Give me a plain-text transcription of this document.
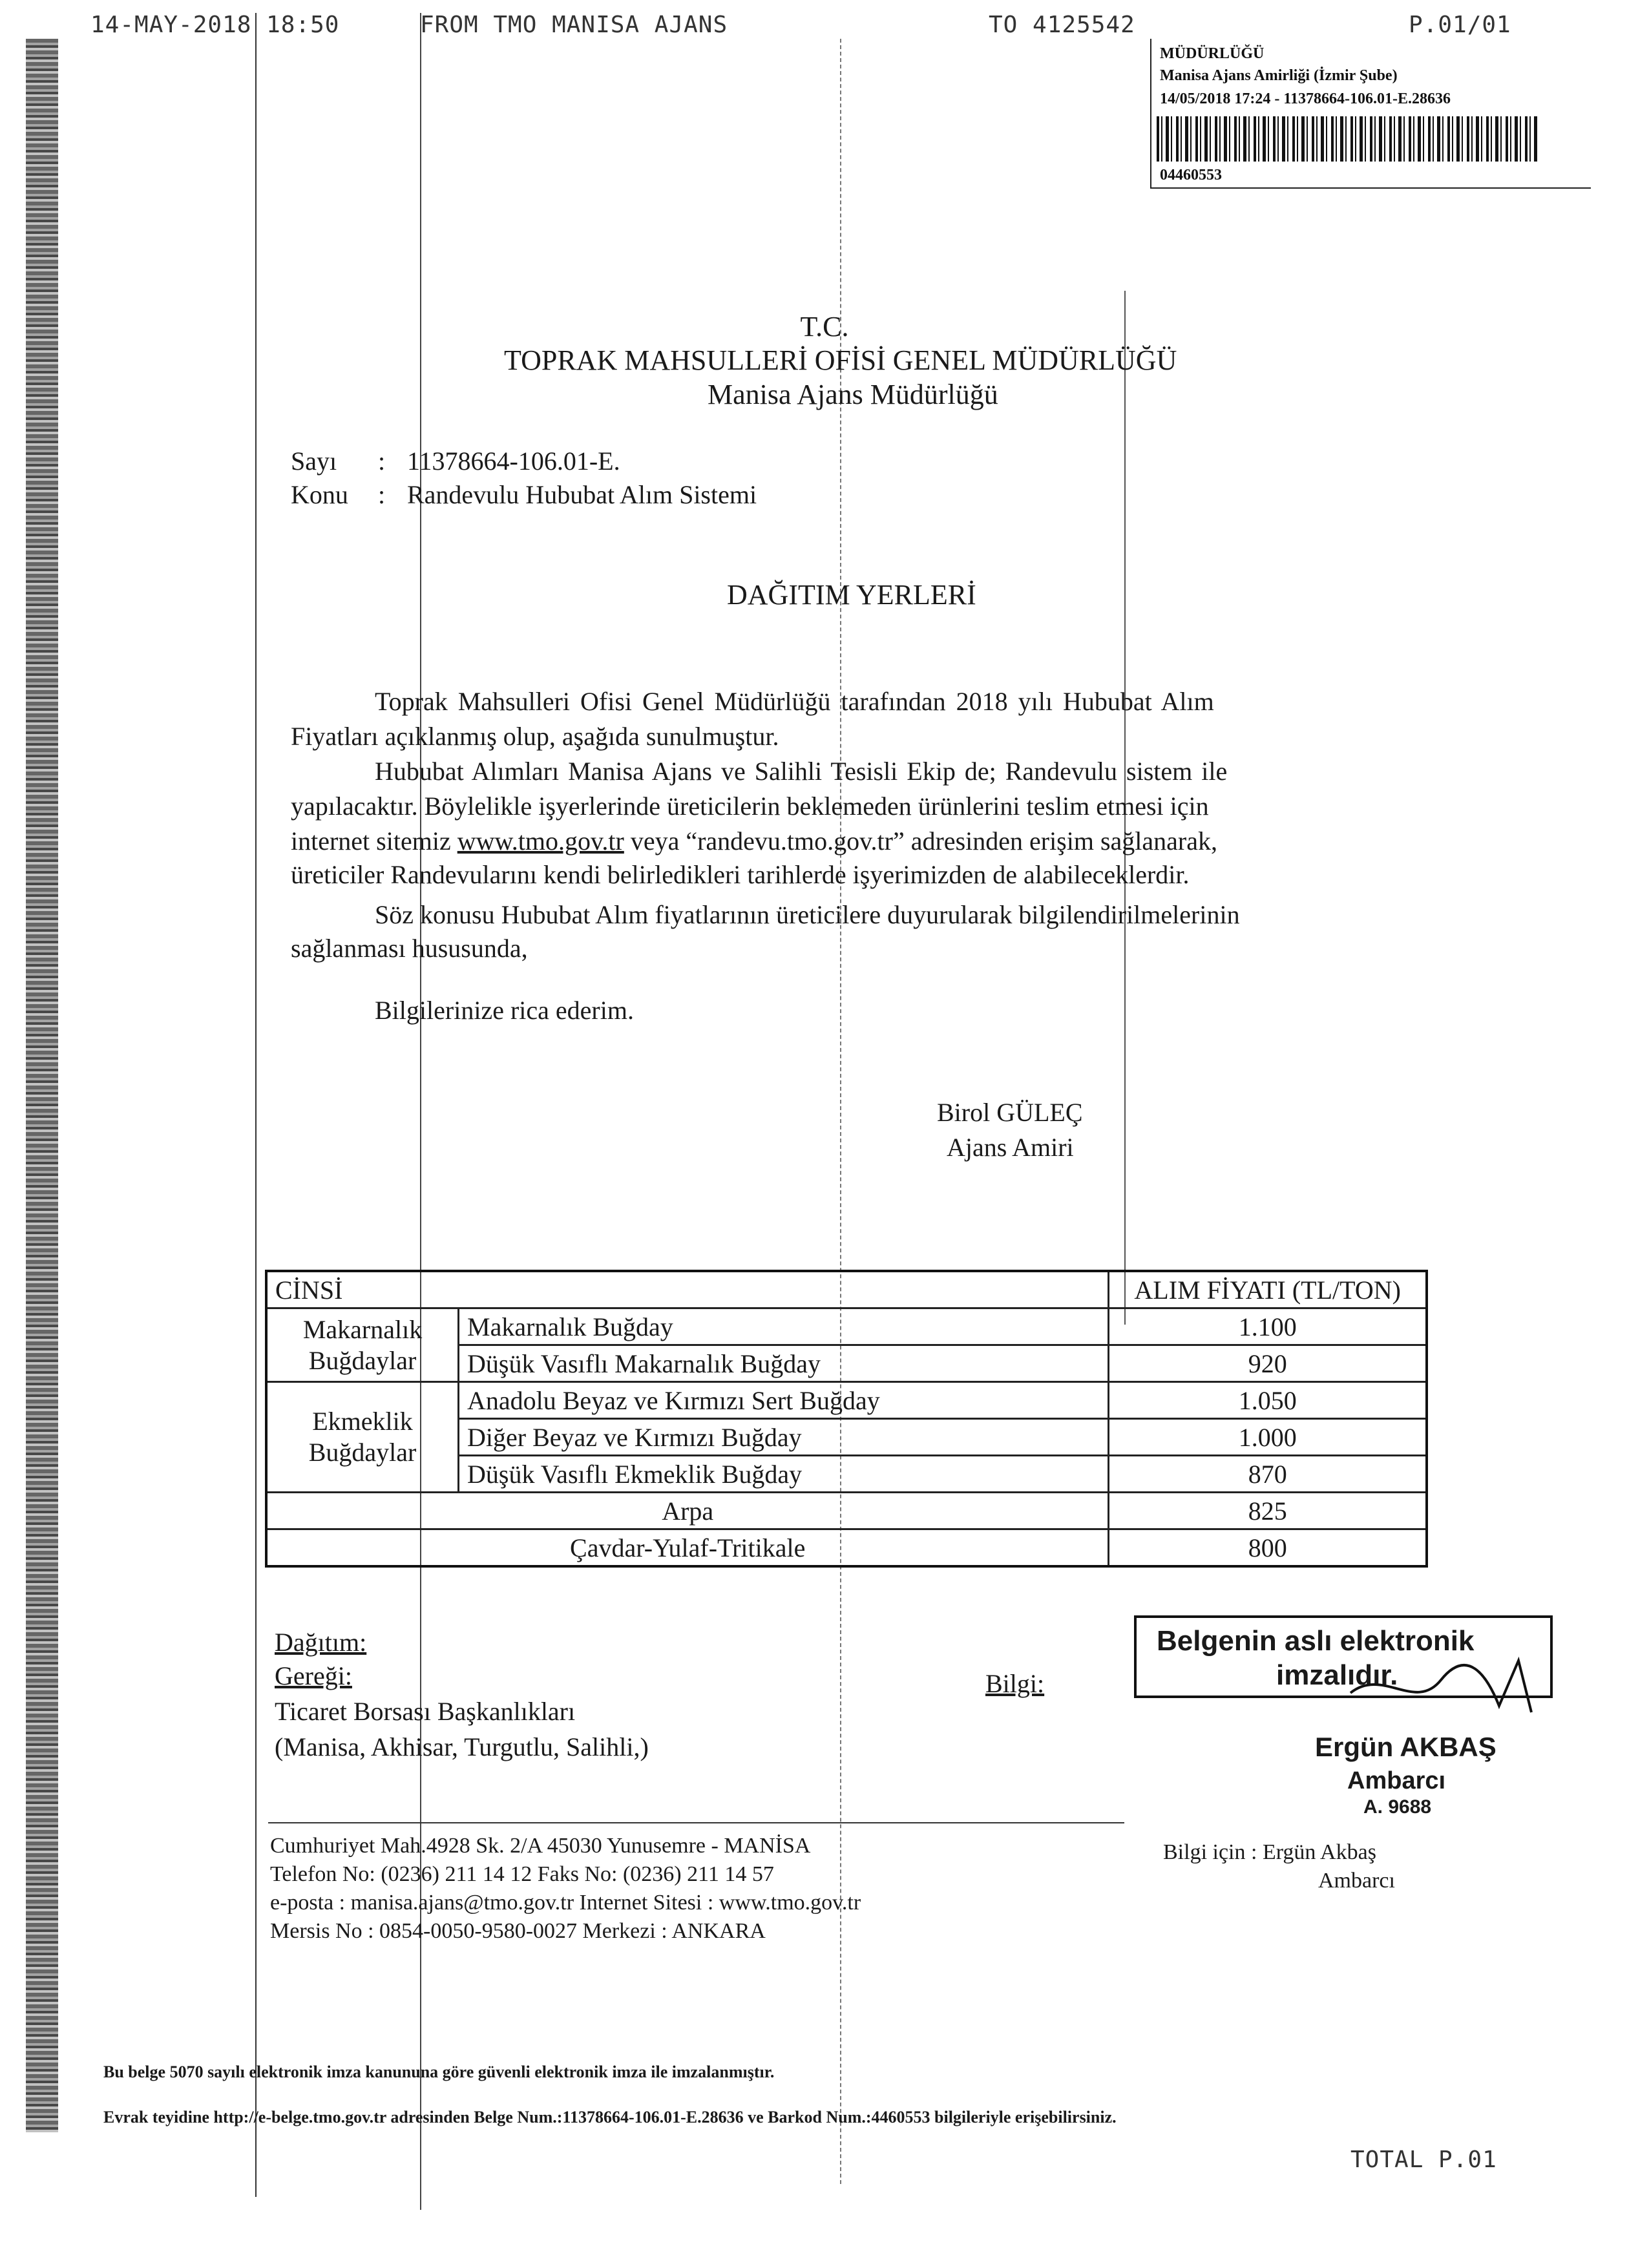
14-MAY-2018 18:50	FROM TMO MANISA AJANS	TO 4125542	P.01/01
MÜDÜRLÜĞÜ
Manisa Ajans Amirliği (İzmir Şube)
14/05/2018 17:24 - 11378664-106.01-E.28636
04460553
T.C.
TOPRAK MAHSULLERİ OFİSİ GENEL MÜDÜRLÜĞÜ
Manisa Ajans Müdürlüğü
Sayı : 11378664-106.01-E.
Konu : Randevulu Hububat Alım Sistemi
DAĞITIM YERLERİ
Toprak Mahsulleri Ofisi Genel Müdürlüğü tarafından 2018 yılı Hububat Alım
Fiyatları açıklanmış olup, aşağıda sunulmuştur.
Hububat Alımları Manisa Ajans ve Salihli Tesisli Ekip de; Randevulu sistem ile
yapılacaktır. Böylelikle işyerlerinde üreticilerin beklemeden ürünlerini teslim etmesi için
internet sitemiz www.tmo.gov.tr veya “randevu.tmo.gov.tr” adresinden erişim sağlanarak,
üreticiler Randevularını kendi belirledikleri tarihlerde işyerimizden de alabileceklerdir.
Söz konusu Hububat Alım fiyatlarının üreticilere duyurularak bilgilendirilmelerinin
sağlanması hususunda,
Bilgilerinize rica ederim.
Birol GÜLEÇ
Ajans Amiri
CİNSİ		ALIM FİYATI (TL/TON)
Makarnalık Buğdaylar	Makarnalık Buğday	1.100
	Düşük Vasıflı Makarnalık Buğday	920
Ekmeklik Buğdaylar	Anadolu Beyaz ve Kırmızı Sert Buğday	1.050
	Diğer Beyaz ve Kırmızı Buğday	1.000
	Düşük Vasıflı Ekmeklik Buğday	870
Arpa		825
Çavdar-Yulaf-Tritikale		800
Dağıtım:
Gereği:
Ticaret Borsası Başkanlıkları
(Manisa, Akhisar, Turgutlu, Salihli,)
Bilgi:
Belgenin aslı elektronik
imzalıdır.
Ergün AKBAŞ
Ambarcı
A. 9688
Cumhuriyet Mah.4928 Sk. 2/A 45030 Yunusemre - MANİSA
Telefon No: (0236) 211 14 12 Faks No: (0236) 211 14 57
e-posta : manisa.ajans@tmo.gov.tr Internet Sitesi : www.tmo.gov.tr
Mersis No : 0854-0050-9580-0027 Merkezi : ANKARA
Bilgi için : Ergün Akbaş
Ambarcı
Bu belge 5070 sayılı elektronik imza kanununa göre güvenli elektronik imza ile imzalanmıştır.
Evrak teyidine http://e-belge.tmo.gov.tr adresinden Belge Num.:11378664-106.01-E.28636 ve Barkod Num.:4460553 bilgileriyle erişebilirsiniz.
TOTAL P.01
